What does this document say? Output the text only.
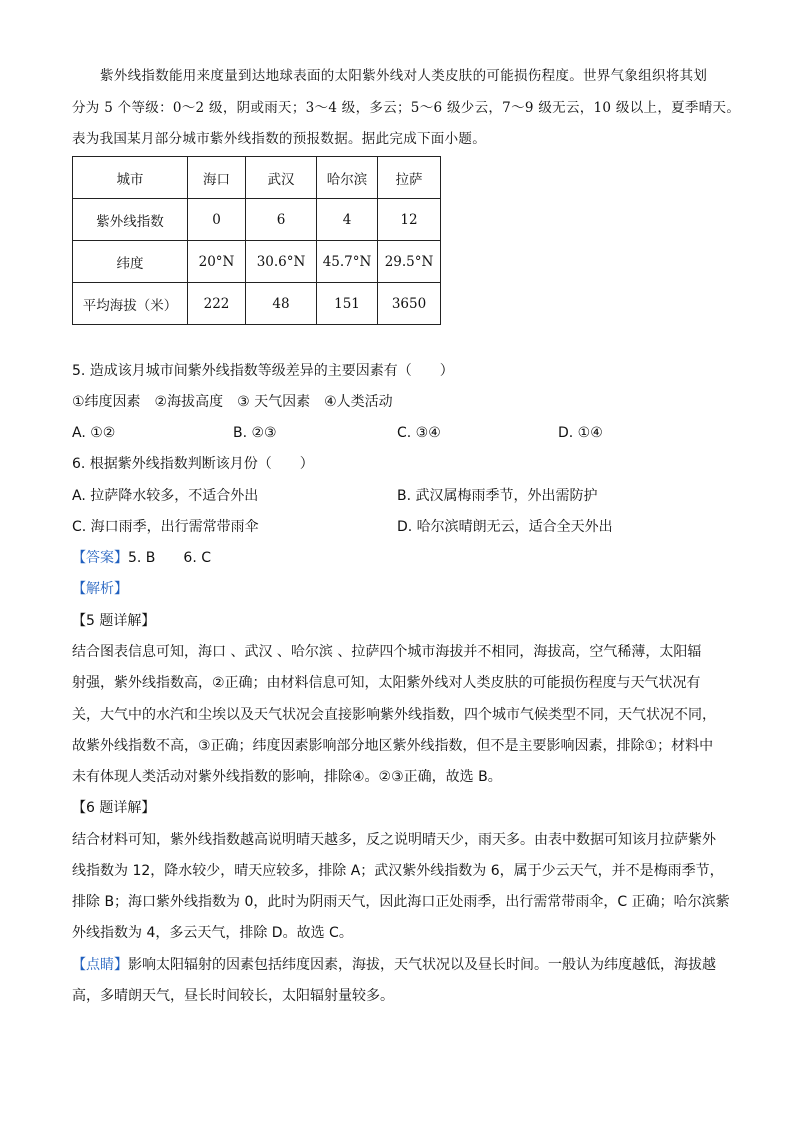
紫外线指数能用来度量到达地球表面的太阳紫外线对人类皮肤的可能损伤程度。世界气象组织将其划
分为 5 个等级：0～2 级，阴或雨天；3～4 级，多云；5～6 级少云，7～9 级无云，10 级以上，夏季晴天。
表为我国某月部分城市紫外线指数的预报数据。据此完成下面小题。
城市	海口	武汉	哈尔滨	拉萨
紫外线指数	0	6	4	12
纬度	20°N	30.6°N	45.7°N	29.5°N
平均海拔（米）	222	48	151	3650
5. 造成该月城市间紫外线指数等级差异的主要因素有（　　）
①纬度因素　②海拔高度　③ 天气因素　④人类活动
A. ①②	B. ②③	C. ③④	D. ①④
6. 根据紫外线指数判断该月份（　　）
A. 拉萨降水较多，不适合外出	B. 武汉属梅雨季节，外出需防护
C. 海口雨季，出行需常带雨伞	D. 哈尔滨晴朗无云，适合全天外出
【答案】5. B　　6. C
【解析】
【5 题详解】
结合图表信息可知，海口 、武汉 、哈尔滨 、拉萨四个城市海拔并不相同，海拔高，空气稀薄，太阳辐
射强，紫外线指数高，②正确；由材料信息可知，太阳紫外线对人类皮肤的可能损伤程度与天气状况有
关，大气中的水汽和尘埃以及天气状况会直接影响紫外线指数，四个城市气候类型不同，天气状况不同，
故紫外线指数不高，③正确；纬度因素影响部分地区紫外线指数，但不是主要影响因素，排除①；材料中
未有体现人类活动对紫外线指数的影响，排除④。②③正确，故选 B。
【6 题详解】
结合材料可知，紫外线指数越高说明晴天越多，反之说明晴天少，雨天多。由表中数据可知该月拉萨紫外
线指数为 12，降水较少，晴天应较多，排除 A；武汉紫外线指数为 6，属于少云天气，并不是梅雨季节，
排除 B；海口紫外线指数为 0，此时为阴雨天气，因此海口正处雨季，出行需常带雨伞，C 正确；哈尔滨紫
外线指数为 4，多云天气，排除 D。故选 C。
【点睛】影响太阳辐射的因素包括纬度因素，海拔，天气状况以及昼长时间。一般认为纬度越低，海拔越
高，多晴朗天气，昼长时间较长，太阳辐射量较多。
